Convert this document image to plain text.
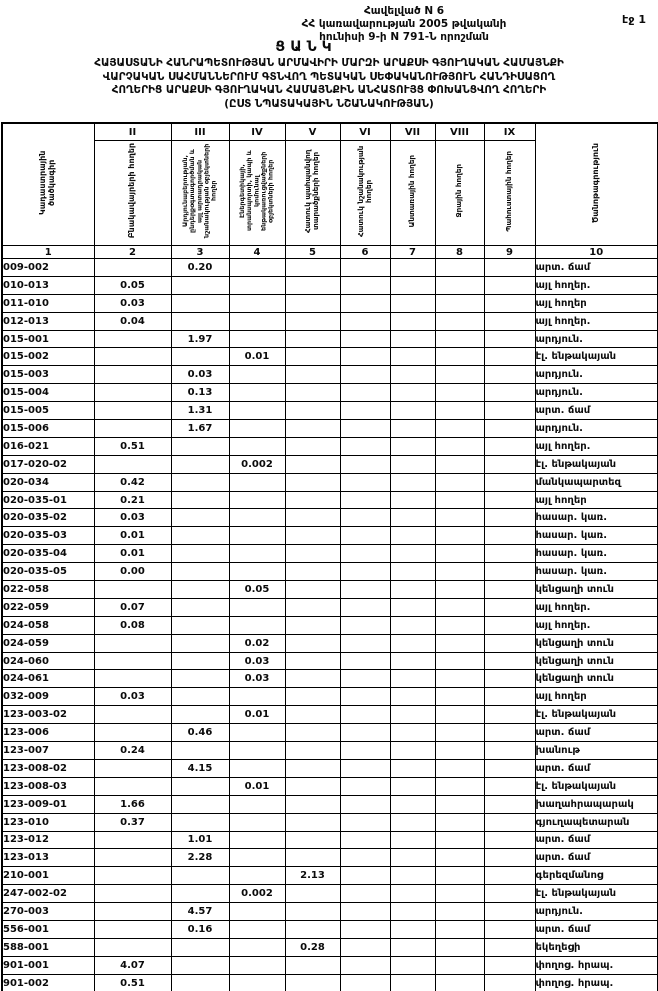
էջ 1
Հավելված N 6
ՀՀ կառավարության 2005 թվականի
հունիսի 9-ի N 791-Ն որոշման
ՑԱՆԿ
ՀԱՅԱՍՏԱՆԻ ՀԱՆՐԱՊԵՏՈՒԹՅԱՆ ԱՐՄԱՎԻՐԻ ՄԱՐԶԻ ԱՐԱՔՍԻ ԳՅՈՒՂԱԿԱՆ ՀԱՄԱՅՆՔԻ
ՎԱՐՉԱԿԱՆ ՍԱՀՄԱՆՆԵՐՈՒՄ ԳՏՆՎՈՂ ՊԵՏԱԿԱՆ ՍԵՓԱԿԱՆՈՒԹՅՈՒՆ ՀԱՆԴԻՍԱՑՈՂ
ՀՈՂԵՐԻՑ ԱՐԱՔՍԻ ԳՅՈՒՂԱԿԱՆ ՀԱՄԱՅՆՔԻՆ ԱՆՀԱՏՈՒՅՑ ՓՈԽԱՆՑՎՈՂ ՀՈՂԵՐԻ
(ԸՍՏ ՆՊԱՏԱԿԱՅԻՆ ՆՇԱՆԱԿՈՒԹՅԱՆ)
Կադաստրային ծածկագիր	II	III	IV	V	VI	VII	VIII	IX	Ծանոթագրություն
	Բնակավայրերի հողեր	Արդյունաբերության, ընդերքօգտագործման և այլ արտադրական նշանակության օբյեկտների հողեր	Էներգետիկայի, տրանսպորտի, կապի և կոմունալ ենթակառուցվածքների օբյեկտների հողեր	Հատուկ պահպանվող տարածքների հողեր	Հատուկ նշանակության հողեր	Անտառային հողեր	Ջրային հողեր	Պահուստային հողեր	
1	2	3	4	5	6	7	8	9	10
009-002		0.20							արտ. ճամ
010-013	0.05								այլ հողեր.
011-010	0.03								այլ հողեր
012-013	0.04								այլ հողեր.
015-001		1.97							արդյուն.
015-002			0.01						էլ. ենթակայան
015-003		0.03							արդյուն.
015-004		0.13							արդյուն.
015-005		1.31							արտ. ճամ
015-006		1.67							արդյուն.
016-021	0.51								այլ հողեր.
017-020-02			0.002						էլ. ենթակայան
020-034	0.42								մանկապարտեզ
020-035-01	0.21								այլ հողեր
020-035-02	0.03								հասար. կառ.
020-035-03	0.01								հասար. կառ.
020-035-04	0.01								հասար. կառ.
020-035-05	0.00								հասար. կառ.
022-058			0.05						կենցաղի տուն
022-059	0.07								այլ հողեր.
024-058	0.08								այլ հողեր.
024-059			0.02						կենցաղի տուն
024-060			0.03						կենցաղի տուն
024-061			0.03						կենցաղի տուն
032-009	0.03								այլ հողեր
123-003-02			0.01						էլ. ենթակայան
123-006		0.46							արտ. ճամ
123-007	0.24								խանութ
123-008-02		4.15							արտ. ճամ
123-008-03			0.01						էլ. ենթակայան
123-009-01	1.66								խաղահրապարակ
123-010	0.37								գյուղապետարան
123-012		1.01							արտ. ճամ
123-013		2.28							արտ. ճամ
210-001				2.13					գերեզմանոց
247-002-02			0.002						էլ. ենթակայան
270-003		4.57							արդյուն.
556-001		0.16							արտ. ճամ
588-001				0.28					եկեղեցի
901-001	4.07								փողոց. հրապ.
901-002	0.51								փողոց. հրապ.
